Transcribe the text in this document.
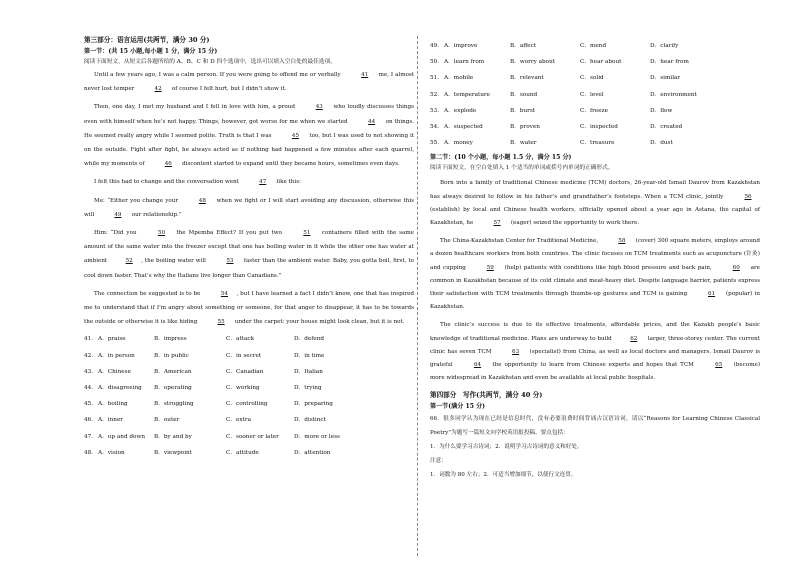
第三部分：语言运用(共两节，满分 30 分)
第一节：(共 15 小题,每小题 1 分，满分 15 分)
阅读下面短文，从短文后各题所给的 A、B、C 和 D 四个选项中，选出可以填入空白处的最佳选项。

Until a few years ago, I was a calm person. If you were going to offend me or verbally	41 me, I almost never lost temper	42 of course I felt hurt, but I didn’t show it.

Then, one day, I met my husband and I fell in love with him, a proud	43 who loudly discusses things even with himself when he’s not happy. Things, however, got worse for me when we started	44 on things. He seemed really angry while I seemed polite. Truth is that I was	45 too, but I was used to not showing it on the outside. Fight after fight, he always acted as if nothing had happened a few minutes after each quarrel, while my moments of	46 discontent started to expand until they became hours, sometimes even days.

I felt this had to change and the conversation went	47 like this:

Me: “Either you change your	48 when we fight or I will start avoiding any discussion, otherwise this will	49 our relationship.”

Him: “Did you	50 the Mpemba Effect? If you put two	51 containers filled with the same amount of the same water into the freezer except that one has boiling water in it while the other one has water at ambient	52 , the boiling water will	53 faster than the ambient water. Baby, you gotta boil, first, to cool down faster. That’s why the Italians live longer than Canadians.”

The connection he suggested is to be	54 , but I have learned a fact I didn’t know, one that has inspired me to understand that if I’m angry about something or someone, for that anger to disappear, it has to be towards the outside or otherwise it is like hiding	55 under the carpet: your house might look clean, but it is not.

41． A．praise	B．impress	C．attack	D．defend
42． A．in person	B．in public	C．in secret	D．in time
43． A．Chinese	B．American	C．Canadian	D．Italian
44． A．disagreeing B．operating	C．working	D．trying
45． A．boiling	B．struggling	C．controlling	D．preparing
46． A．inner	B．outer	C．extra	D．distinct
47． A．up and down B．by and by	C．sooner or later	D．more or less
48． A．vision	B．viewpoint	C．attitude	D．attention
49． A．improve	B．affect	C．mend	D．clarify
50． A．learn from	B．worry about	C．hear about	D．hear from
51． A．mobile	B．relevant	C．solid	D．similar
52． A．temperature	B．sound	C．level	D．environment
53． A．explode	B．burst	C．freeze	D．flow
54． A．suspected	B．proven	C．inspected	D．created
55． A．money	B．water	C．treasure	D．dust
第二节：(10 个小题，每小题 1.5 分，满分 15 分)
阅读下面短文，在空白处填入 1 个适当的单词或括号内单词的正确形式。

Born into a family of traditional Chinese medicine (TCM) doctors, 26-year-old Ismail Daurov from Kazakhstan has always desired to follow in his father’s and grandfather’s footsteps. When a TCM clinic, jointly	56 (establish) by local and Chinese health workers, officially opened about a year ago in Astana, the capital of Kazakhstan, he	57 (eager) seized the opportunity to work there.

The China-Kazakhstan Center for Traditional Medicine,	58 (cover) 300 square meters, employs around a dozen healthcare workers from both countries. The clinic focuses on TCM treatments such as acupuncture (针灸) and cupping	59 (help) patients with conditions like high blood pressure and back pain,	60 are common in Kazakhstan because of its cold climate and meat-heavy diet. Despite language barrier, patients express their satisfaction with TCM treatments through thumbs-up gestures and TCM is gaining	61 (popular) in Kazakhstan.

The clinic’s success is due to its effective treatments, affordable prices, and the Kazakh people’s basic knowledge of traditional medicine. Plans are underway to build	62 larger, three-storey center. The current clinic has seven TCM	63 (specialist) from China, as well as local doctors and managers. Ismail Daurov is grateful	64 the opportunity to learn from Chinese experts and hopes that TCM	65 (become) more widespread in Kazakhstan and even be available at local public hospitals.

第四部分　写作(共两节，满分 40 分)
第一节(满分 15 分)

66．很多同学认为现在已经是信息时代，没有必要浪费时间背诵古汉语诗词。请以“Reasons for Learning Chinese Classical Poetry”为题写一篇短文向学校英语报投稿，要点包括：

1．为什么要学习古诗词；2．说明学习古诗词的意义和好处。
注意：
1．词数为 80 左右；2．可适当增加细节，以使行文连贯。
